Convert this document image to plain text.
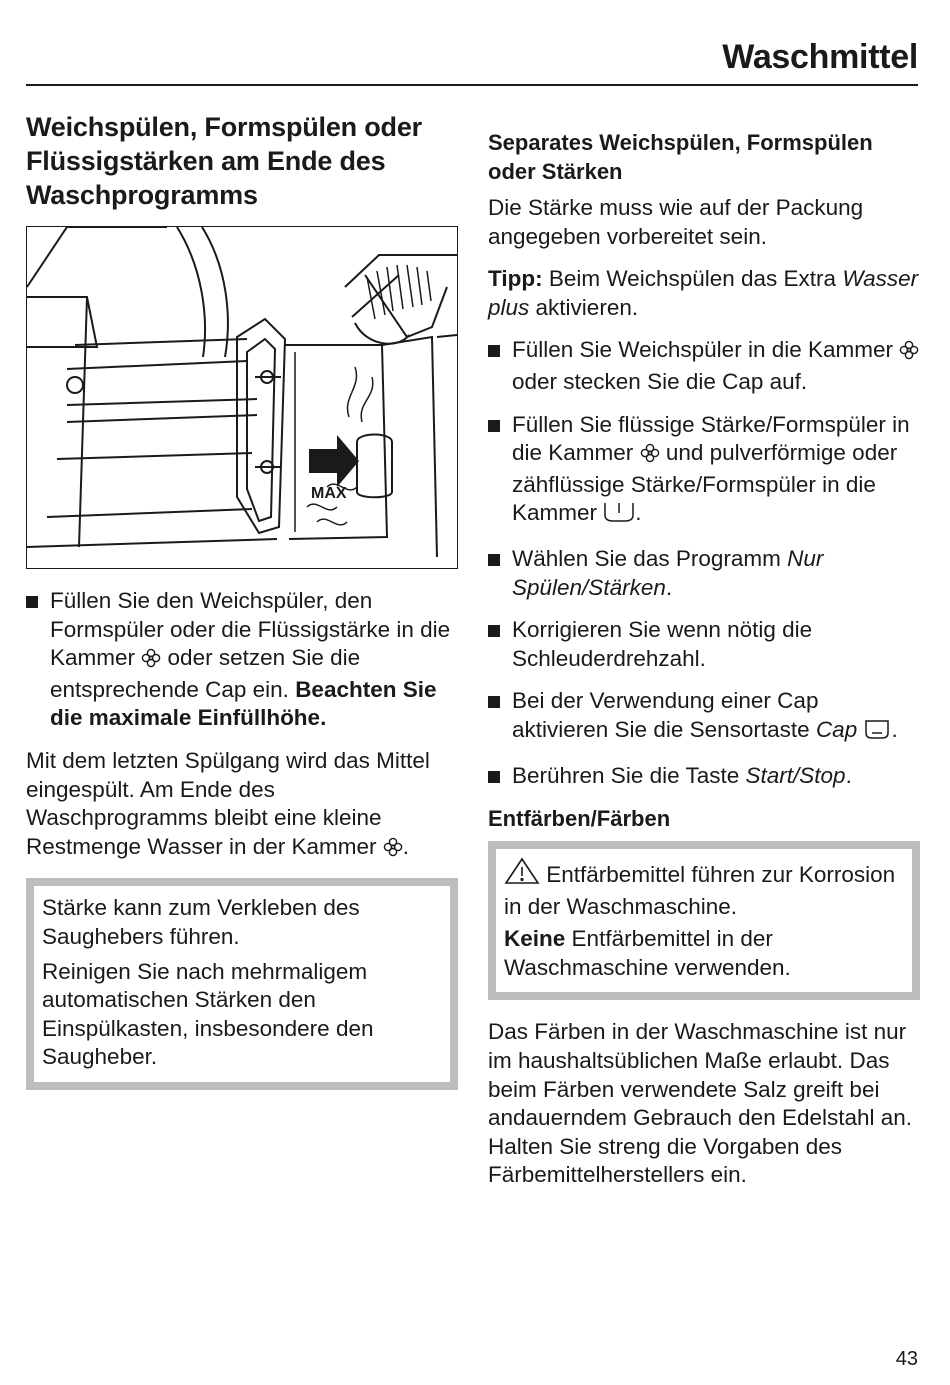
Waschmittel
Weichspülen, Formspülen oder Flüssigstärken am Ende des Waschprogramms
MAX
Füllen Sie den Weichspüler, den Formspüler oder die Flüssigstärke in die Kammer oder setzen Sie die entsprechende Cap ein. Beachten Sie die maximale Einfüllhöhe.

Mit dem letzten Spülgang wird das Mittel eingespült. Am Ende des Waschprogramms bleibt eine kleine Restmenge Wasser in der Kammer .

Stärke kann zum Verkleben des Saughebers führen.

Reinigen Sie nach mehrmaligem automatischen Stärken den Einspülkasten, insbesondere den Saugheber.

Separates Weichspülen, Formspülen oder Stärken

Die Stärke muss wie auf der Packung angegeben vorbereitet sein.

Tipp: Beim Weichspülen das Extra Wasser plus aktivieren.

Füllen Sie Weichspüler in die Kammer  oder stecken Sie die Cap auf.
Füllen Sie flüssige Stärke/Formspüler in die Kammer und pulverförmige oder zähflüssige Stärke/Formspüler in die Kammer .
Wählen Sie das Programm Nur Spülen/Stärken.
Korrigieren Sie wenn nötig die Schleuderdrehzahl.
Bei der Verwendung einer Cap aktivieren Sie die Sensortaste Cap .
Berühren Sie die Taste Start/Stop.
Entfärben/Färben

Entfärbemittel führen zur Korrosion in der Waschmaschine.

Keine Entfärbemittel in der Waschmaschine verwenden.

Das Färben in der Waschmaschine ist nur im haushaltsüblichen Maße erlaubt. Das beim Färben verwendete Salz greift bei andauerndem Gebrauch den Edelstahl an. Halten Sie streng die Vorgaben des Färbemittelherstellers ein.

43
